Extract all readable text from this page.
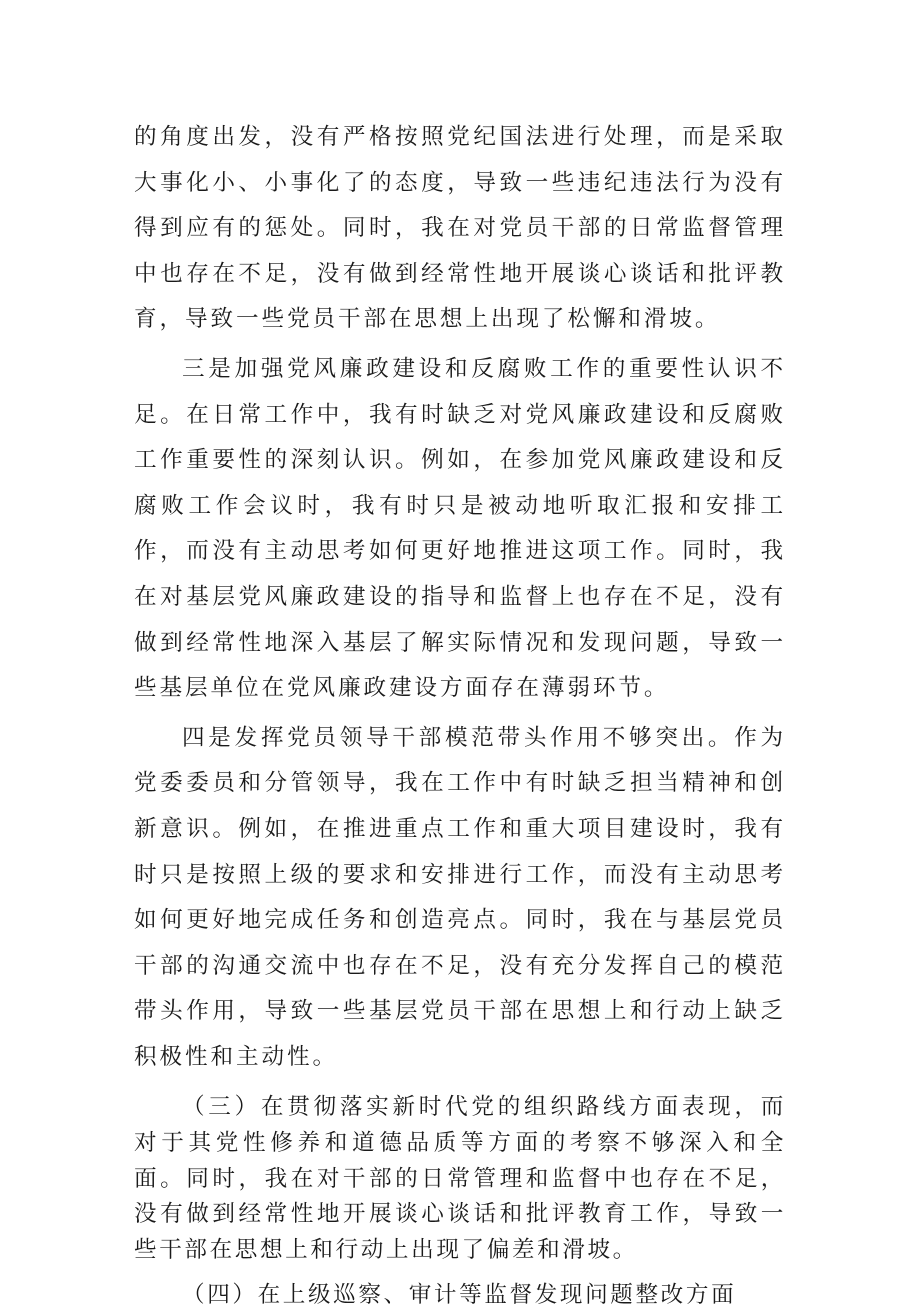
的角度出发，没有严格按照党纪国法进行处理，而是采取大事化小、小事化了的态度，导致一些违纪违法行为没有得到应有的惩处。同时，我在对党员干部的日常监督管理中也存在不足，没有做到经常性地开展谈心谈话和批评教育，导致一些党员干部在思想上出现了松懈和滑坡。

三是加强党风廉政建设和反腐败工作的重要性认识不足。在日常工作中，我有时缺乏对党风廉政建设和反腐败工作重要性的深刻认识。例如，在参加党风廉政建设和反腐败工作会议时，我有时只是被动地听取汇报和安排工作，而没有主动思考如何更好地推进这项工作。同时，我在对基层党风廉政建设的指导和监督上也存在不足，没有做到经常性地深入基层了解实际情况和发现问题，导致一些基层单位在党风廉政建设方面存在薄弱环节。

四是发挥党员领导干部模范带头作用不够突出。作为党委委员和分管领导，我在工作中有时缺乏担当精神和创新意识。例如，在推进重点工作和重大项目建设时，我有时只是按照上级的要求和安排进行工作，而没有主动思考如何更好地完成任务和创造亮点。同时，我在与基层党员干部的沟通交流中也存在不足，没有充分发挥自己的模范带头作用，导致一些基层党员干部在思想上和行动上缺乏积极性和主动性。

（三）在贯彻落实新时代党的组织路线方面表现，而对于其党性修养和道德品质等方面的考察不够深入和全面。同时，我在对干部的日常管理和监督中也存在不足，没有做到经常性地开展谈心谈话和批评教育工作，导致一些干部在思想上和行动上出现了偏差和滑坡。

（四）在上级巡察、审计等监督发现问题整改方面
